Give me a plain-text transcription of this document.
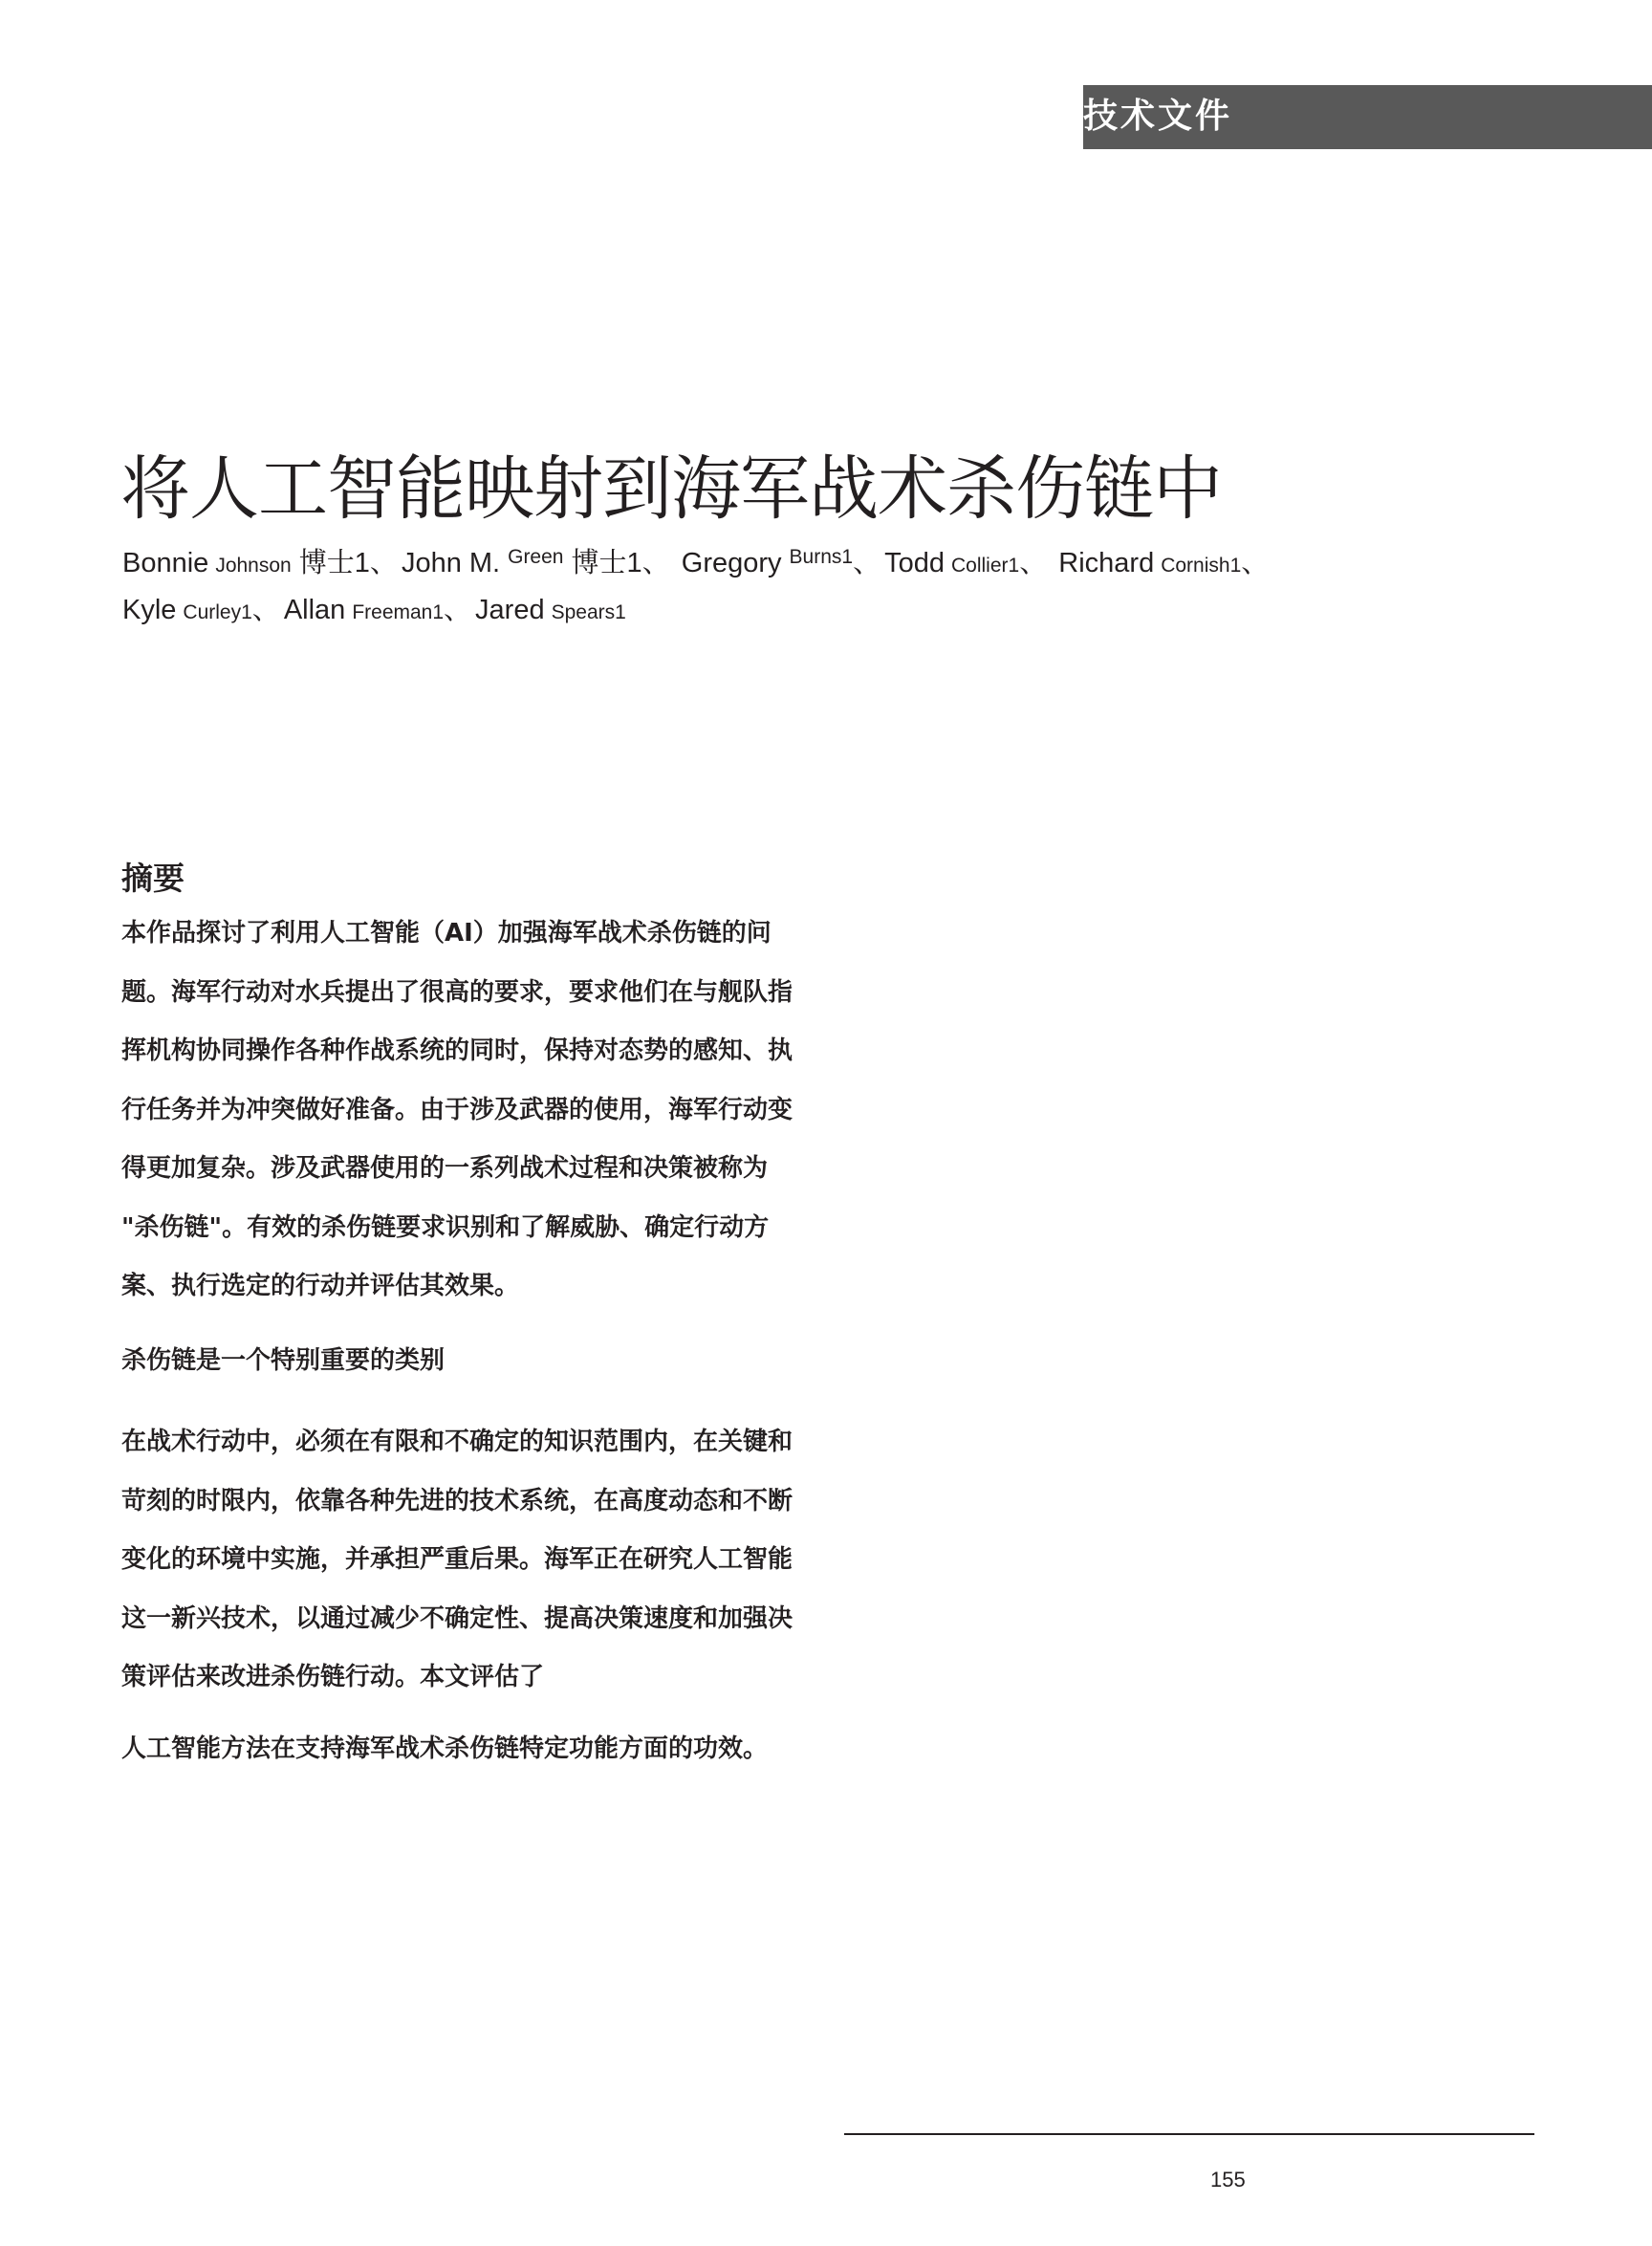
技术文件
将人工智能映射到海军战术杀伤链中
Bonnie Johnson 博士1、 John M. $^{Green}$ 博士1、 Gregory $^{Burns1}$、 Todd Collier1、 Richard Cornish1、
Kyle Curley1、 Allan Freeman1、 Jared Spears1
摘要

本作品探讨了利用人工智能（AI）加强海军战术杀伤链的问题。海军行动对水兵提出了很高的要求，要求他们在与舰队指挥机构协同操作各种作战系统的同时，保持对态势的感知、执行任务并为冲突做好准备。由于涉及武器的使用，海军行动变得更加复杂。涉及武器使用的一系列战术过程和决策被称为 "杀伤链"。有效的杀伤链要求识别和了解威胁、确定行动方案、执行选定的行动并评估其效果。

杀伤链是一个特别重要的类别

在战术行动中，必须在有限和不确定的知识范围内，在关键和苛刻的时限内，依靠各种先进的技术系统，在高度动态和不断变化的环境中实施，并承担严重后果。海军正在研究人工智能这一新兴技术，以通过减少不确定性、提高决策速度和加强决策评估来改进杀伤链行动。本文评估了

人工智能方法在支持海军战术杀伤链特定功能方面的功效。

155
